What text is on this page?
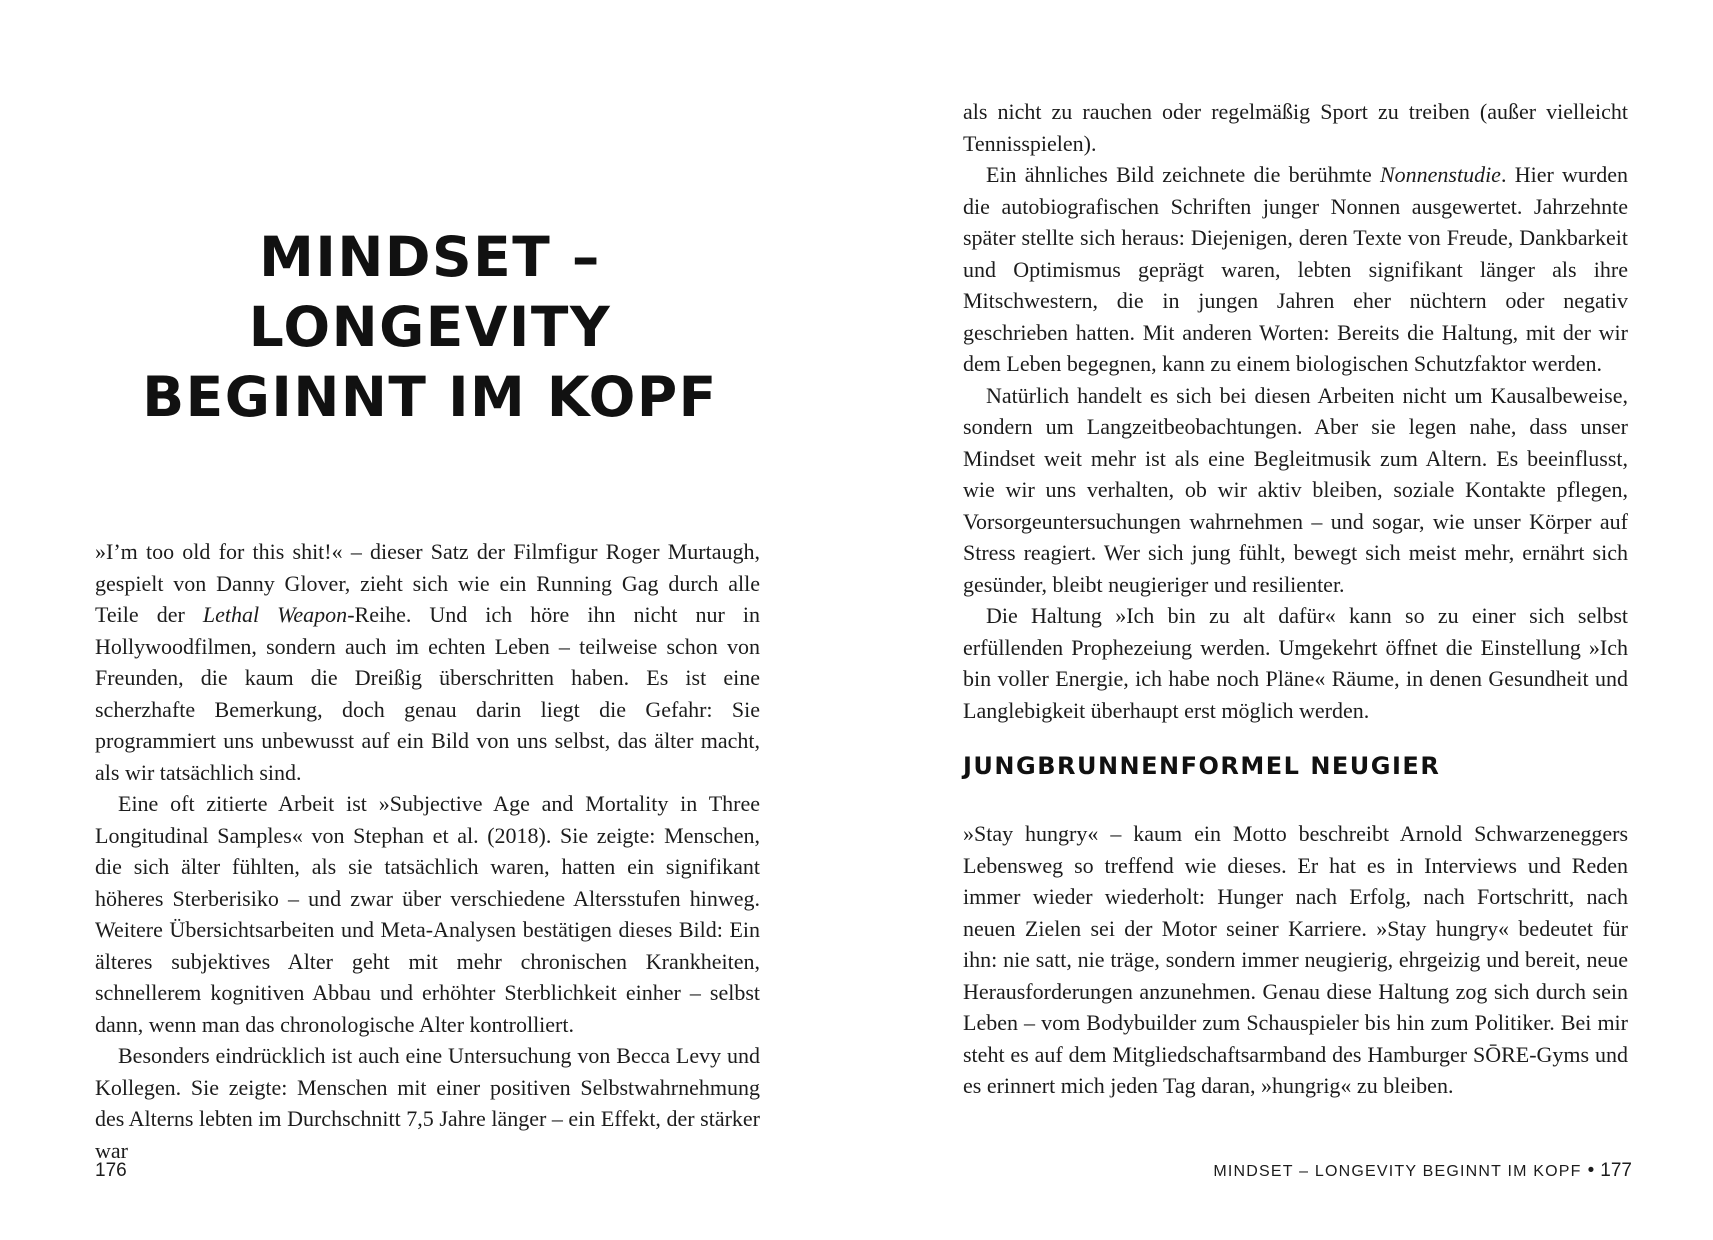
MINDSET –
LONGEVITY
BEGINNT IM KOPF

»I’m too old for this shit!« – dieser Satz der Filmfigur Roger Murtaugh, gespielt von Danny Glover, zieht sich wie ein Running Gag durch alle Teile der Lethal Weapon-Reihe. Und ich höre ihn nicht nur in Hollywoodfilmen, sondern auch im echten Leben – teilweise schon von Freunden, die kaum die Dreißig überschritten haben. Es ist eine scherzhafte Bemerkung, doch genau darin liegt die Gefahr: Sie programmiert uns unbewusst auf ein Bild von uns selbst, das älter macht, als wir tatsächlich sind.

Eine oft zitierte Arbeit ist »Subjective Age and Mortality in Three Longitudinal Samples« von Stephan et al. (2018). Sie zeigte: Menschen, die sich älter fühlten, als sie tatsächlich waren, hatten ein signifikant höheres Sterberisiko – und zwar über verschiedene Altersstufen hinweg. Weitere Übersichtsarbeiten und Meta-Analysen bestätigen dieses Bild: Ein älteres subjektives Alter geht mit mehr chronischen Krankheiten, schnellerem kognitiven Abbau und erhöhter Sterblichkeit einher – selbst dann, wenn man das chronologische Alter kontrolliert.

Besonders eindrücklich ist auch eine Untersuchung von Becca Levy und Kollegen. Sie zeigte: Menschen mit einer positiven Selbstwahrnehmung des Alterns lebten im Durchschnitt 7,5 Jahre länger – ein Effekt, der stärker war

176

als nicht zu rauchen oder regelmäßig Sport zu treiben (außer vielleicht Tennisspielen).

Ein ähnliches Bild zeichnete die berühmte Nonnenstudie. Hier wurden die autobiografischen Schriften junger Nonnen ausgewertet. Jahrzehnte später stellte sich heraus: Diejenigen, deren Texte von Freude, Dankbarkeit und Optimismus geprägt waren, lebten signifikant länger als ihre Mitschwestern, die in jungen Jahren eher nüchtern oder negativ geschrieben hatten. Mit anderen Worten: Bereits die Haltung, mit der wir dem Leben begegnen, kann zu einem biologischen Schutzfaktor werden.

Natürlich handelt es sich bei diesen Arbeiten nicht um Kausalbeweise, sondern um Langzeitbeobachtungen. Aber sie legen nahe, dass unser Mindset weit mehr ist als eine Begleitmusik zum Altern. Es beeinflusst, wie wir uns verhalten, ob wir aktiv bleiben, soziale Kontakte pflegen, Vorsorgeuntersuchungen wahrnehmen – und sogar, wie unser Körper auf Stress reagiert. Wer sich jung fühlt, bewegt sich meist mehr, ernährt sich gesünder, bleibt neugieriger und resilienter.

Die Haltung »Ich bin zu alt dafür« kann so zu einer sich selbst erfüllenden Prophezeiung werden. Umgekehrt öffnet die Einstellung »Ich bin voller Energie, ich habe noch Pläne« Räume, in denen Gesundheit und Langlebigkeit überhaupt erst möglich werden.

JUNGBRUNNENFORMEL NEUGIER

»Stay hungry« – kaum ein Motto beschreibt Arnold Schwarzeneggers Lebensweg so treffend wie dieses. Er hat es in Interviews und Reden immer wieder wiederholt: Hunger nach Erfolg, nach Fortschritt, nach neuen Zielen sei der Motor seiner Karriere. »Stay hungry« bedeutet für ihn: nie satt, nie träge, sondern immer neugierig, ehrgeizig und bereit, neue Herausforderungen anzunehmen. Genau diese Haltung zog sich durch sein Leben – vom Bodybuilder zum Schauspieler bis hin zum Politiker. Bei mir steht es auf dem Mitgliedschaftsarmband des Hamburger SŌRE-Gyms und es erinnert mich jeden Tag daran, »hungrig« zu bleiben.

MINDSET – LONGEVITY BEGINNT IM KOPF • 177
